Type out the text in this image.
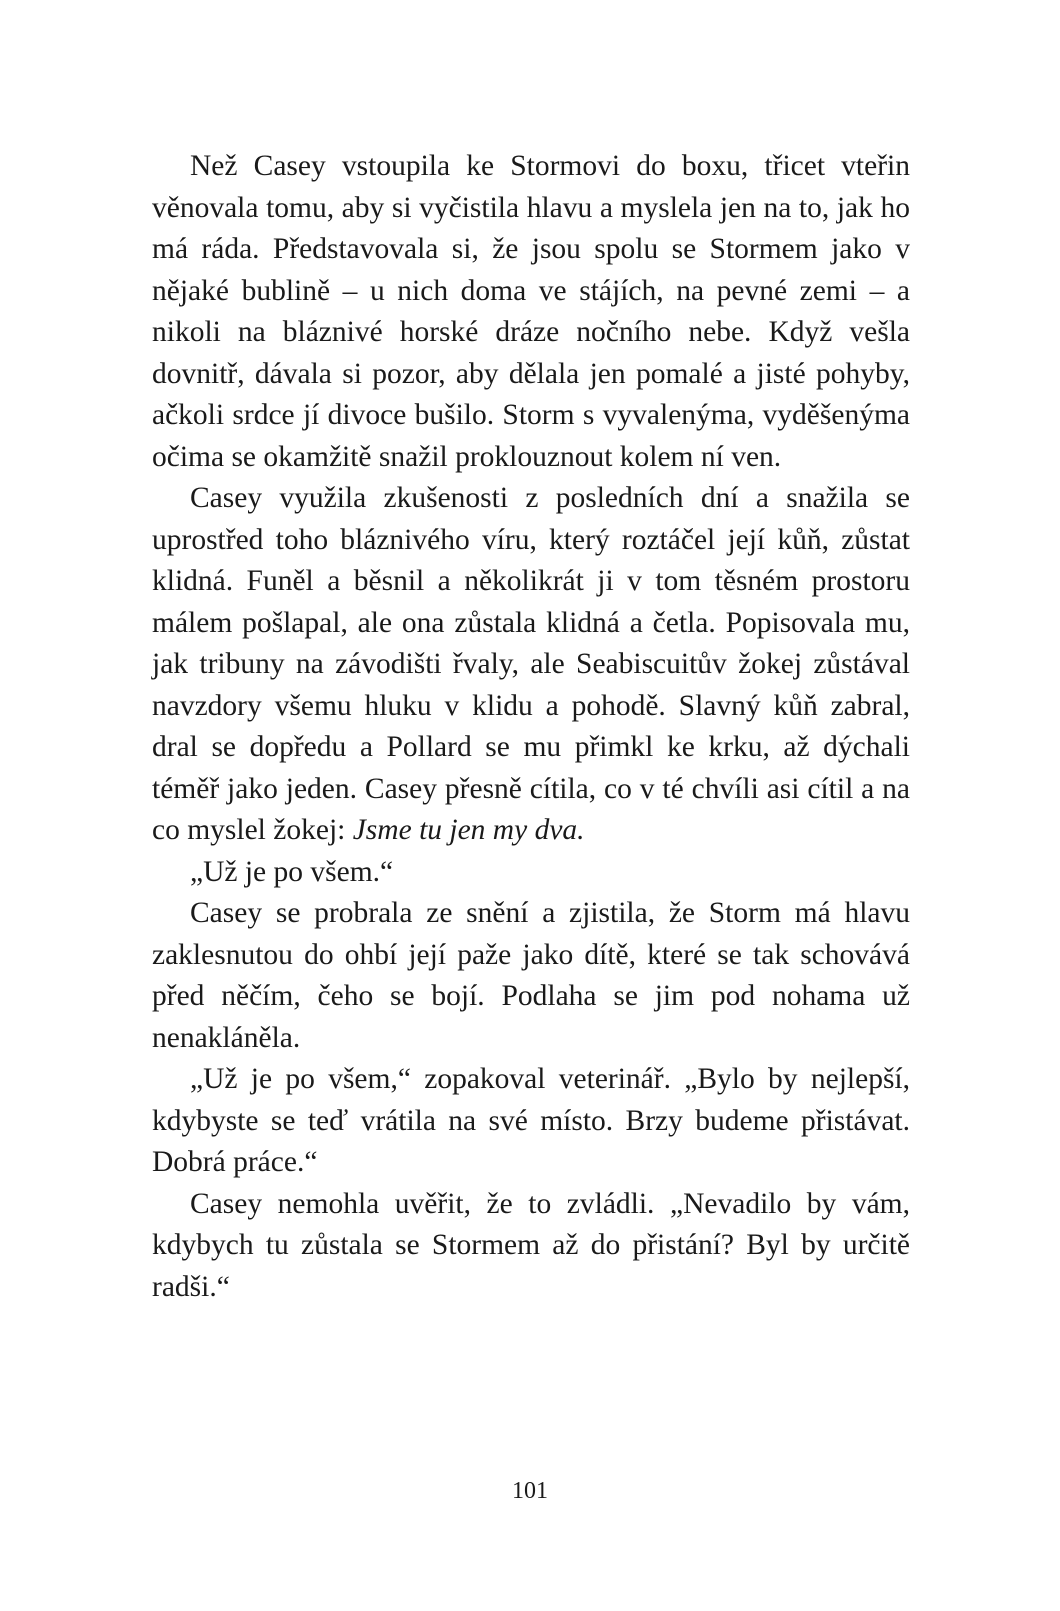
Než Casey vstoupila ke Stormovi do boxu, třicet vteřin věnovala tomu, aby si vyčistila hlavu a myslela jen na to, jak ho má ráda. Představovala si, že jsou spolu se Stormem jako v nějaké bublině – u nich doma ve stájích, na pevné zemi – a nikoli na bláznivé horské dráze nočního nebe. Když vešla dovnitř, dávala si pozor, aby dělala jen pomalé a jisté pohyby, ačkoli srdce jí divoce bušilo. Storm s vyvalenýma, vyděšenýma očima se okamžitě snažil proklouznout kolem ní ven.

Casey využila zkušenosti z posledních dní a snažila se uprostřed toho bláznivého víru, který roztáčel její kůň, zůstat klidná. Funěl a běsnil a několikrát ji v tom těsném prostoru málem pošlapal, ale ona zůstala klidná a četla. Popisovala mu, jak tribuny na závodišti řvaly, ale Seabiscuitův žokej zůstával navzdory všemu hluku v klidu a pohodě. Slavný kůň zabral, dral se dopředu a Pollard se mu přimkl ke krku, až dýchali téměř jako jeden. Casey přesně cítila, co v té chvíli asi cítil a na co myslel žokej: Jsme tu jen my dva.

„Už je po všem.“

Casey se probrala ze snění a zjistila, že Storm má hlavu zaklesnutou do ohbí její paže jako dítě, které se tak schovává před něčím, čeho se bojí. Podlaha se jim pod nohama už nenakláněla.

„Už je po všem,“ zopakoval veterinář. „Bylo by nejlepší, kdybyste se teď vrátila na své místo. Brzy budeme přistávat. Dobrá práce.“

Casey nemohla uvěřit, že to zvládli. „Nevadilo by vám, kdybych tu zůstala se Stormem až do přistání? Byl by určitě radši.“

101
